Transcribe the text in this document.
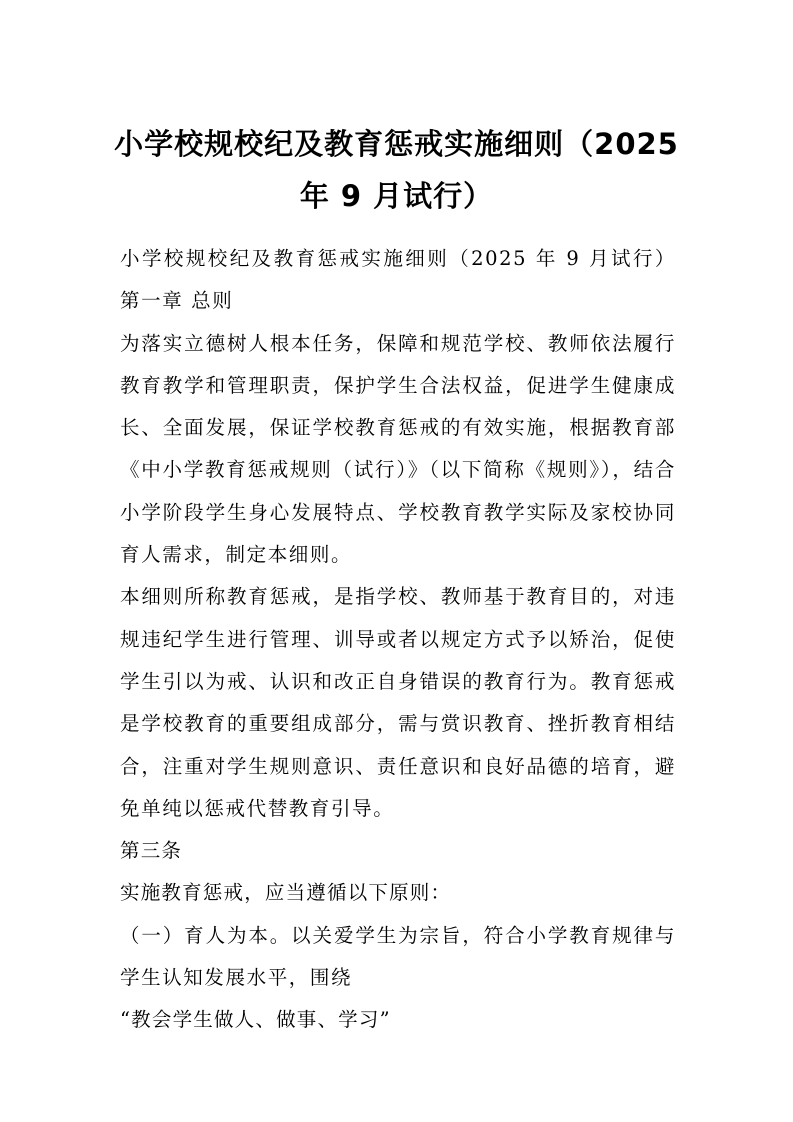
小学校规校纪及教育惩戒实施细则（2025
年 9 月试行）

小学校规校纪及教育惩戒实施细则（2025 年 9 月试行）第一章 总则

为落实立德树人根本任务，保障和规范学校、教师依法履行教育教学和管理职责，保护学生合法权益，促进学生健康成长、全面发展，保证学校教育惩戒的有效实施，根据教育部《中小学教育惩戒规则（试行）》（以下简称《规则》），结合小学阶段学生身心发展特点、学校教育教学实际及家校协同育人需求，制定本细则。

本细则所称教育惩戒，是指学校、教师基于教育目的，对违规违纪学生进行管理、训导或者以规定方式予以矫治，促使学生引以为戒、认识和改正自身错误的教育行为。教育惩戒是学校教育的重要组成部分，需与赏识教育、挫折教育相结合，注重对学生规则意识、责任意识和良好品德的培育，避免单纯以惩戒代替教育引导。

第三条

实施教育惩戒，应当遵循以下原则：

（一）育人为本。以关爱学生为宗旨，符合小学教育规律与学生认知发展水平，围绕

“教会学生做人、做事、学习”
